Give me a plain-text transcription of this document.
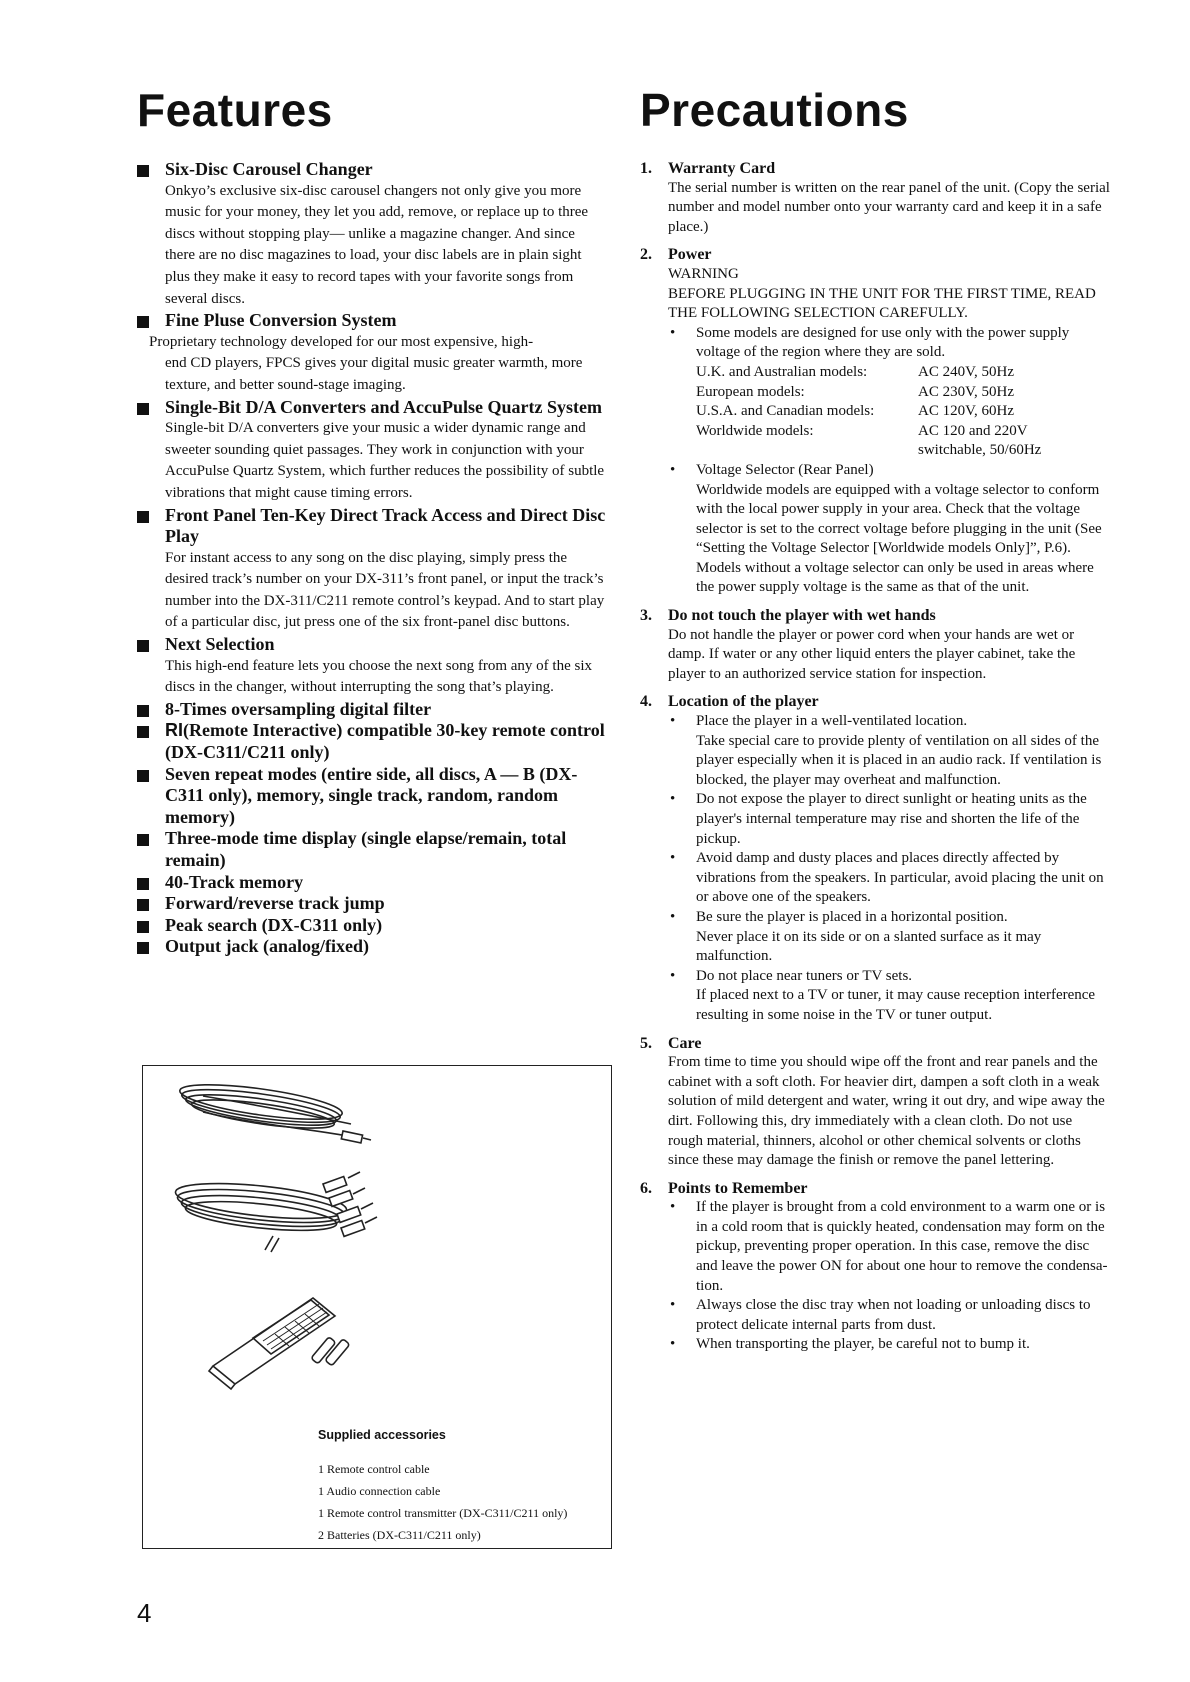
Features
Six-Disc Carousel Changer
Onkyo’s exclusive six-disc carousel changers not only give you more music for your money, they let you add, remove, or replace up to three discs without stopping play— unlike a magazine changer. And since there are no disc magazines to load, your disc labels are in plain sight plus they make it easy to record tapes with your favorite songs from several discs.
Fine Pluse Conversion System
Proprietary technology developed for our most expensive, high-
end CD players, FPCS gives your digital music greater warmth, more texture, and better sound-stage imaging.
Single-Bit D/A Converters and AccuPulse Quartz System
Single-bit D/A converters give your music a wider dynamic range and sweeter sounding quiet passages. They work in conjunction with your AccuPulse Quartz System, which further reduces the possibility of subtle vibrations that might cause timing errors.
Front Panel Ten-Key Direct Track Access and Direct Disc Play
For instant access to any song on the disc playing, simply press the desired track’s number on your DX-311’s front panel, or input the track’s number into the DX-311/C211 remote control’s keypad. And to start play of a particular disc, jut press one of the six front-panel disc buttons.
Next Selection
This high-end feature lets you choose the next song from any of the six discs in the changer, without interrupting the song that’s playing.
8-Times oversampling digital filter
RI(Remote Interactive) compatible 30-key remote control (DX-C311/C211 only)
Seven repeat modes (entire side, all discs, A — B (DX-C311 only), memory, single track, random, random memory)
Three-mode time display (single elapse/remain, total remain)
40-Track memory
Forward/reverse track jump
Peak search (DX-C311 only)
Output jack (analog/fixed)
Supplied accessories
1 Remote control cable
1 Audio connection cable
1 Remote control transmitter (DX-C311/C211 only)
2 Batteries (DX-C311/C211 only)
4
Precautions
1. Warranty Card
The serial number is written on the rear panel of the unit. (Copy the serial number and model number onto your warranty card and keep it in a safe place.)
2. Power
WARNING
BEFORE PLUGGING IN THE UNIT FOR THE FIRST TIME, READ THE FOLLOWING SELECTION CAREFULLY.
• Some models are designed for use only with the power supply voltage of the region where they are sold.
U.K. and Australian models:	AC 240V, 50Hz
European models:	AC 230V, 50Hz
U.S.A. and Canadian models:	AC 120V, 60Hz
Worldwide models:	AC 120 and 220V
switchable, 50/60Hz
• Voltage Selector (Rear Panel)
Worldwide models are equipped with a voltage selector to conform with the local power supply in your area. Check that the voltage selector is set to the correct voltage before plugging in the unit (See “Setting the Voltage Selector [Worldwide models Only]”, P.6). Models without a voltage selector can only be used in areas where the power supply voltage is the same as that of the unit.
3. Do not touch the player with wet hands
Do not handle the player or power cord when your hands are wet or damp. If water or any other liquid enters the player cabinet, take the player to an authorized service station for inspection.
4. Location of the player
• Place the player in a well-ventilated location.
Take special care to provide plenty of ventilation on all sides of the player especially when it is placed in an audio rack. If ventilation is blocked, the player may overheat and malfunction.
• Do not expose the player to direct sunlight or heating units as the player's internal temperature may rise and shorten the life of the pickup.
• Avoid damp and dusty places and places directly affected by vibrations from the speakers. In particular, avoid placing the unit on or above one of the speakers.
• Be sure the player is placed in a horizontal position.
Never place it on its side or on a slanted surface as it may malfunction.
• Do not place near tuners or TV sets.
If placed next to a TV or tuner, it may cause reception interference resulting in some noise in the TV or tuner output.
5. Care
From time to time you should wipe off the front and rear panels and the cabinet with a soft cloth. For heavier dirt, dampen a soft cloth in a weak solution of mild detergent and water, wring it out dry, and wipe away the dirt. Following this, dry immediately with a clean cloth. Do not use rough material, thinners, alcohol or other chemical solvents or cloths since these may damage the finish or remove the panel lettering.
6. Points to Remember
• If the player is brought from a cold environment to a warm one or is in a cold room that is quickly heated, condensation may form on the pickup, preventing proper operation. In this case, remove the disc and leave the power ON for about one hour to remove the condensa-tion.
• Always close the disc tray when not loading or unloading discs to protect delicate internal parts from dust.
• When transporting the player, be careful not to bump it.
